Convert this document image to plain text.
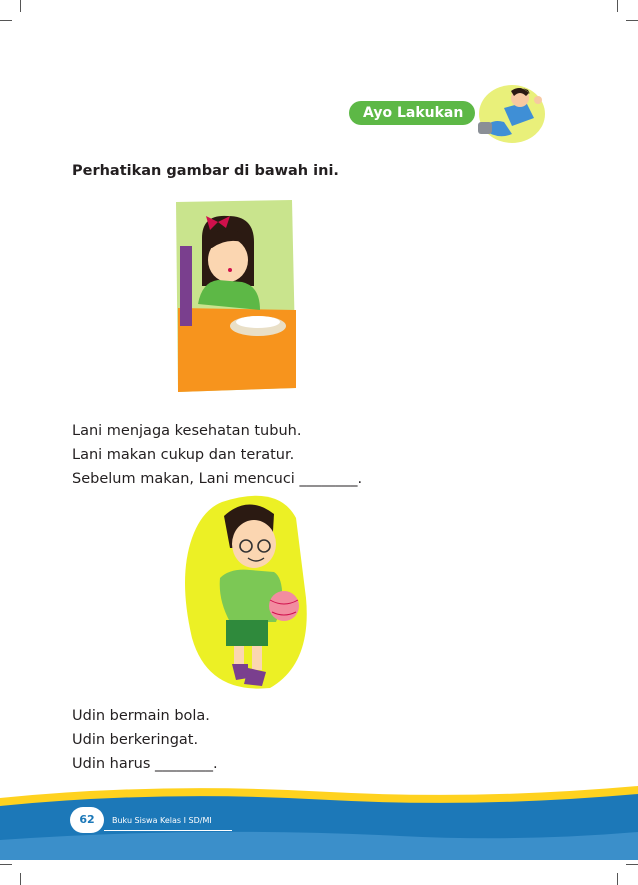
Ayo Lakukan
Perhatikan gambar di bawah ini.
Lani menjaga kesehatan tubuh.
Lani makan cukup dan teratur.
Sebelum makan, Lani mencuci ________.
Udin bermain bola.
Udin berkeringat.
Udin harus ________.
62	Buku Siswa Kelas I SD/MI
